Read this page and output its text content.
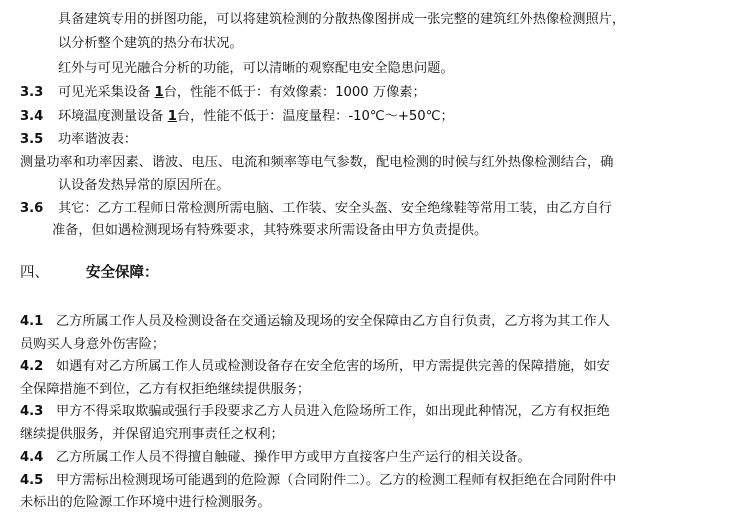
具备建筑专用的拼图功能，可以将建筑检测的分散热像图拼成一张完整的建筑红外热像检测照片，
以分析整个建筑的热分布状况。
红外与可见光融合分析的功能，可以清晰的观察配电安全隐患问题。
3.3 可见光采集设备 1台，性能不低于：有效像素：1000 万像素；
3.4 环境温度测量设备 1台，性能不低于：温度量程：-10℃～+50℃；
3.5 功率谐波表：
测量功率和功率因素、谐波、电压、电流和频率等电气参数，配电检测的时候与红外热像检测结合，确
认设备发热异常的原因所在。
3.6 其它：乙方工程师日常检测所需电脑、工作装、安全头盔、安全绝缘鞋等常用工装，由乙方自行
准备，但如遇检测现场有特殊要求，其特殊要求所需设备由甲方负责提供。
四、	安全保障：
4.1 乙方所属工作人员及检测设备在交通运输及现场的安全保障由乙方自行负责，乙方将为其工作人
员购买人身意外伤害险；
4.2 如遇有对乙方所属工作人员或检测设备存在安全危害的场所，甲方需提供完善的保障措施，如安
全保障措施不到位，乙方有权拒绝继续提供服务；
4.3 甲方不得采取欺骗或强行手段要求乙方人员进入危险场所工作，如出现此种情况，乙方有权拒绝
继续提供服务，并保留追究刑事责任之权利；
4.4 乙方所属工作人员不得擅自触碰、操作甲方或甲方直接客户生产运行的相关设备。
4.5 甲方需标出检测现场可能遇到的危险源（合同附件二）。乙方的检测工程师有权拒绝在合同附件中
未标出的危险源工作环境中进行检测服务。
